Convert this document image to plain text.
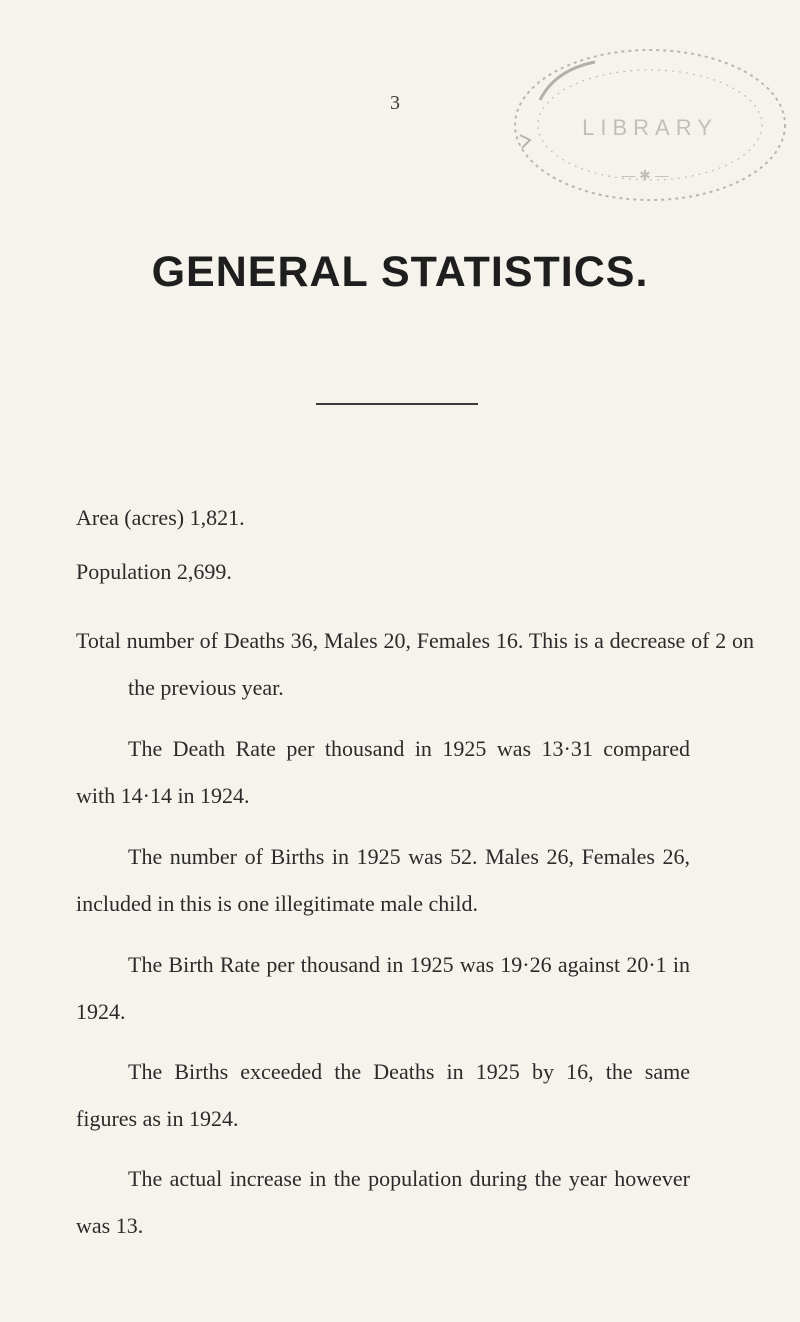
3
LIBRARY
— ✱ —
GENERAL STATISTICS.

Area (acres) 1,821.

Population 2,699.

Total number of Deaths 36, Males 20, Females 16. This is a decrease of 2 on the previous year.

The Death Rate per thousand in 1925 was 13·31 compared with 14·14 in 1924.

The number of Births in 1925 was 52. Males 26, Females 26, included in this is one illegitimate male child.

The Birth Rate per thousand in 1925 was 19·26 against 20·1 in 1924.

The Births exceeded the Deaths in 1925 by 16, the same figures as in 1924.

The actual increase in the population during the year however was 13.
